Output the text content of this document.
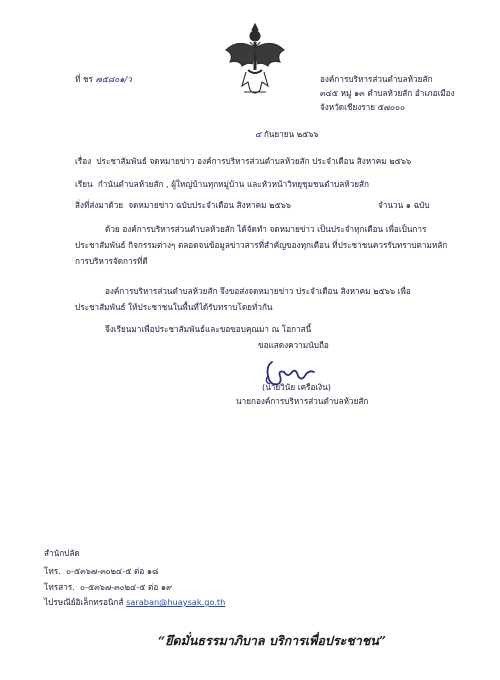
ที่ ชร ๗๕๘๐๑/ว	องค์การบริหารส่วนตำบลห้วยสัก
๓๔๕ หมู่ ๑๓ ตำบลห้วยสัก อำเภอเมือง
จังหวัดเชียงราย ๕๗๐๐๐
๔ กันยายน ๒๕๖๖
เรื่อง ประชาสัมพันธ์ จดหมายข่าว องค์การบริหารส่วนตำบลห้วยสัก ประจำเดือน สิงหาคม ๒๕๖๖
เรียน กำนันตำบลห้วยสัก , ผู้ใหญ่บ้านทุกหมู่บ้าน และหัวหน้าวิทยุชุมชนตำบลห้วยสัก
สิ่งที่ส่งมาด้วย จดหมายข่าว ฉบับประจำเดือน สิงหาคม ๒๕๖๖	จำนวน ๑ ฉบับ
ด้วย องค์การบริหารส่วนตำบลห้วยสัก ได้จัดทำ จดหมายข่าว เป็นประจำทุกเดือน เพื่อเป็นการประชาสัมพันธ์ กิจกรรมต่างๆ ตลอดจนข้อมูลข่าวสารที่สำคัญของทุกเดือน ที่ประชาชนควรรับทราบตามหลักการบริหารจัดการที่ดี
องค์การบริหารส่วนตำบลห้วยสัก จึงขอส่งจดหมายข่าว ประจำเดือน สิงหาคม ๒๕๖๖ เพื่อประชาสัมพันธ์ ให้ประชาชนในพื้นที่ได้รับทราบโดยทั่วกัน
จึงเรียนมาเพื่อประชาสัมพันธ์และขอขอบคุณมา ณ โอกาสนี้
ขอแสดงความนับถือ
(นายวินัย เครือเงิน)
นายกองค์การบริหารส่วนตำบลห้วยสัก
สำนักปลัด
โทร. ๐-๕๓๖๗-๓๐๒๔-๕ ต่อ ๑๘
โทรสาร. ๐-๕๓๖๗-๓๐๒๔-๕ ต่อ ๑๙
ไปรษณีย์อิเล็กทรอนิกส์ saraban@huaysak.go.th
“ยึดมั่นธรรมาภิบาล บริการเพื่อประชาชน”
